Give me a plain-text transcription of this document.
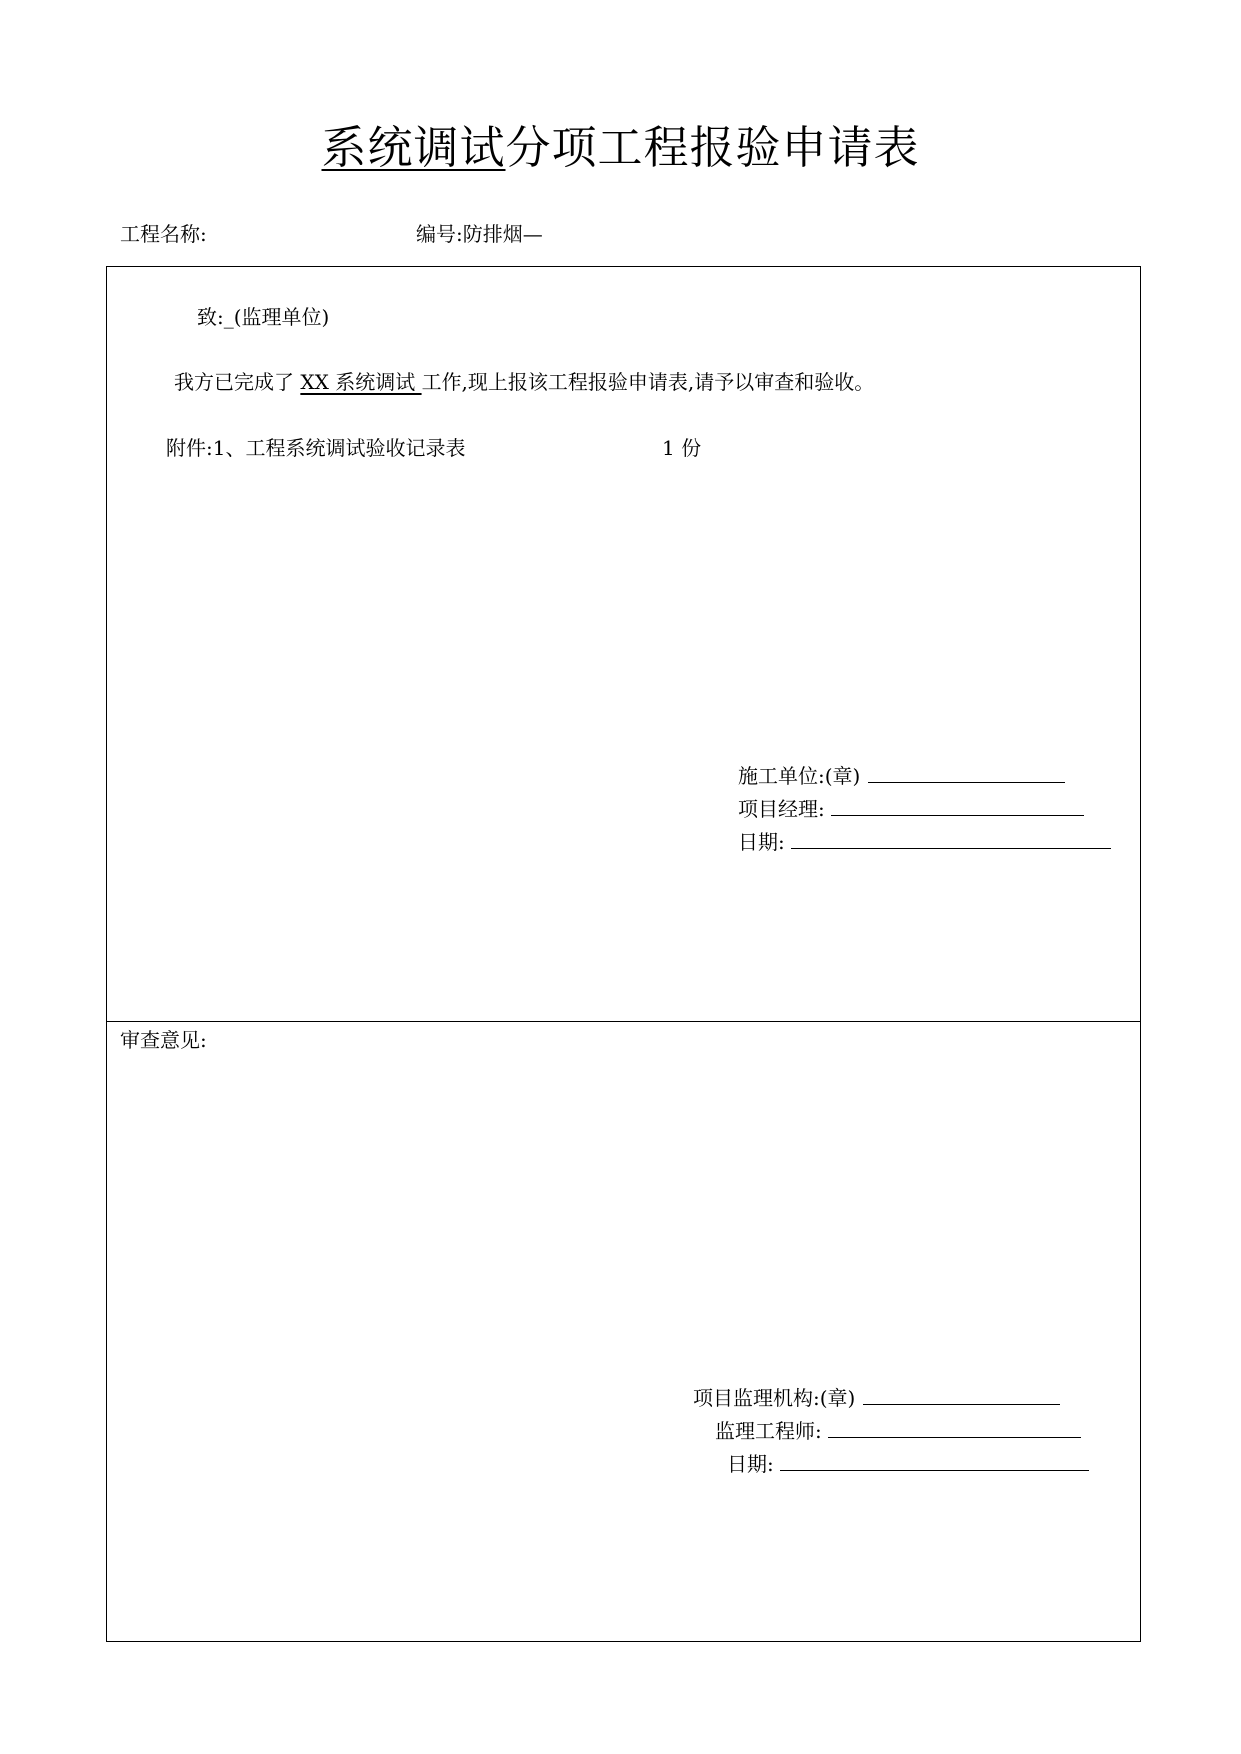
系统调试分项工程报验申请表
工程名称:	编号:防排烟—
致:_(监理单位)
我方已完成了 XX 系统调试 工作,现上报该工程报验申请表,请予以审查和验收。
附件:1、工程系统调试验收记录表	1 份
施工单位:(章)
项目经理:
日期:
审查意见:
项目监理机构:(章)
监理工程师:
日期:
